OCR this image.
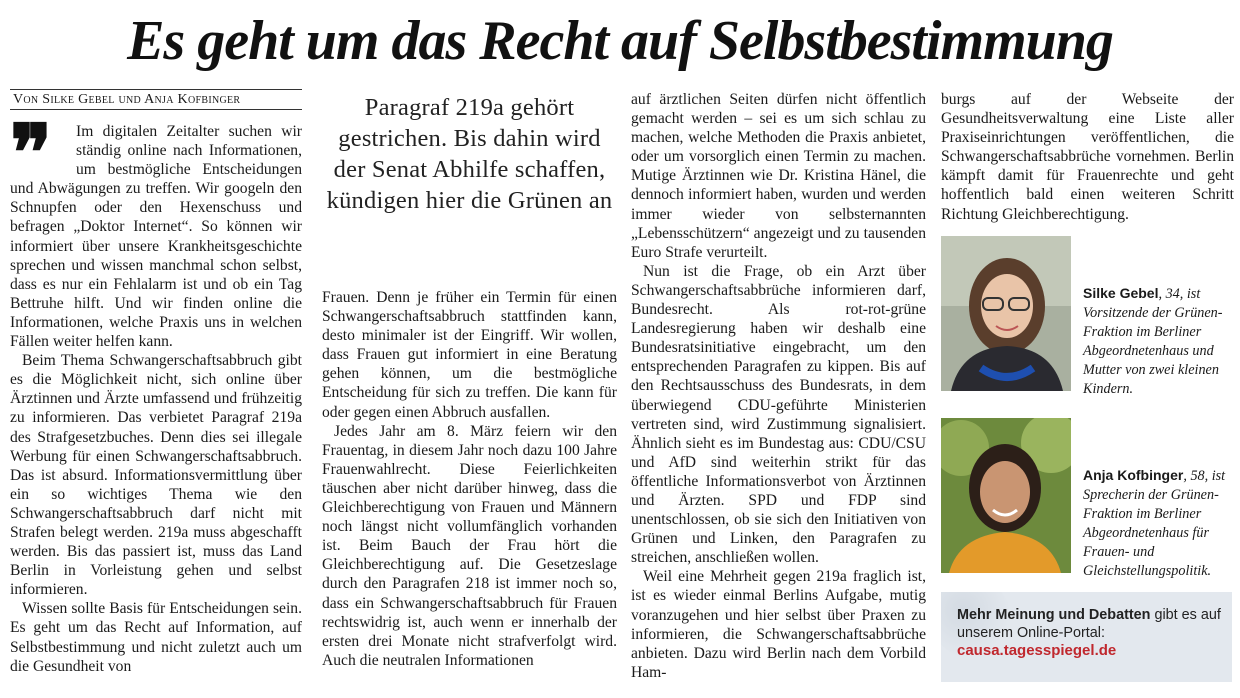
Es geht um das Recht auf Selbstbestimmung
Von Silke Gebel und Anja Kofbinger

❞	Im digitalen Zeitalter suchen wir ständig online nach Informationen, um bestmögliche Entscheidungen und Abwägungen zu treffen. Wir googeln den Schnupfen oder den Hexenschuss und befragen „Doktor Internet“. So können wir informiert über unsere Krankheitsgeschichte sprechen und wissen manchmal schon selbst, dass es nur ein Fehlalarm ist und ob ein Tag Bettruhe hilft. Und wir finden online die Informationen, welche Praxis uns in welchen Fällen weiter helfen kann.

Beim Thema Schwangerschaftsabbruch gibt es die Möglichkeit nicht, sich online über Ärztinnen und Ärzte umfassend und frühzeitig zu informieren. Das verbietet Paragraf 219a des Strafgesetzbuches. Denn dies sei illegale Werbung für einen Schwangerschaftsabbruch. Das ist absurd. Informationsvermittlung über ein so wichtiges Thema wie den Schwangerschaftsabbruch darf nicht mit Strafen belegt werden. 219a muss abgeschafft werden. Bis das passiert ist, muss das Land Berlin in Vorleistung gehen und selbst informieren.

Wissen sollte Basis für Entscheidungen sein. Es geht um das Recht auf Information, auf Selbstbestimmung und nicht zuletzt auch um die Gesundheit von

Paragraf 219a gehört gestrichen. Bis dahin wird der Senat Abhilfe schaffen, kündigen hier die Grünen an

Frauen. Denn je früher ein Termin für einen Schwangerschaftsabbruch stattfinden kann, desto minimaler ist der Eingriff. Wir wollen, dass Frauen gut informiert in eine Beratung gehen können, um die bestmögliche Entscheidung für sich zu treffen. Die kann für oder gegen einen Abbruch ausfallen.

Jedes Jahr am 8. März feiern wir den Frauentag, in diesem Jahr noch dazu 100 Jahre Frauenwahlrecht. Diese Feierlichkeiten täuschen aber nicht darüber hinweg, dass die Gleichberechtigung von Frauen und Männern noch längst nicht vollumfänglich vorhanden ist. Beim Bauch der Frau hört die Gleichberechtigung auf. Die Gesetzeslage durch den Paragrafen 218 ist immer noch so, dass ein Schwangerschaftsabbruch für Frauen rechtswidrig ist, auch wenn er innerhalb der ersten drei Monate nicht strafverfolgt wird. Auch die neutralen Informationen

auf ärztlichen Seiten dürfen nicht öffentlich gemacht werden – sei es um sich schlau zu machen, welche Methoden die Praxis anbietet, oder um vorsorglich einen Termin zu machen. Mutige Ärztinnen wie Dr. Kristina Hänel, die dennoch informiert haben, wurden und werden immer wieder von selbsternannten „Lebensschützern“ angezeigt und zu tausenden Euro Strafe verurteilt.

Nun ist die Frage, ob ein Arzt über Schwangerschaftsabbrüche informieren darf, Bundesrecht. Als rot-rot-grüne Landesregierung haben wir deshalb eine Bundesratsinitiative eingebracht, um den entsprechenden Paragrafen zu kippen. Bis auf den Rechtsausschuss des Bundesrats, in dem überwiegend CDU-geführte Ministerien vertreten sind, wird Zustimmung signalisiert. Ähnlich sieht es im Bundestag aus: CDU/CSU und AfD sind weiterhin strikt für das öffentliche Informationsverbot von Ärztinnen und Ärzten. SPD und FDP sind unentschlossen, ob sie sich den Initiativen von Grünen und Linken, den Paragrafen zu streichen, anschließen wollen.

Weil eine Mehrheit gegen 219a fraglich ist, ist es wieder einmal Berlins Aufgabe, mutig voranzugehen und hier selbst über Praxen zu informieren, die Schwangerschaftsabbrüche anbieten. Dazu wird Berlin nach dem Vorbild Ham-

burgs auf der Webseite der Gesundheitsverwaltung eine Liste aller Praxiseinrichtungen veröffentlichen, die Schwangerschaftsabbrüche vornehmen. Berlin kämpft damit für Frauenrechte und geht hoffentlich bald einen weiteren Schritt Richtung Gleichberechtigung.

Silke Gebel, 34, ist Vorsitzende der Grünen-Fraktion im Berliner Abgeordnetenhaus und Mutter von zwei kleinen Kindern.
Anja Kofbinger, 58, ist Sprecherin der Grünen-Fraktion im Berliner Abgeordnetenhaus für Frauen- und Gleichstellungspolitik.
Mehr Meinung und Debatten gibt es auf unserem Online-Portal:
causa.tagesspiegel.de
